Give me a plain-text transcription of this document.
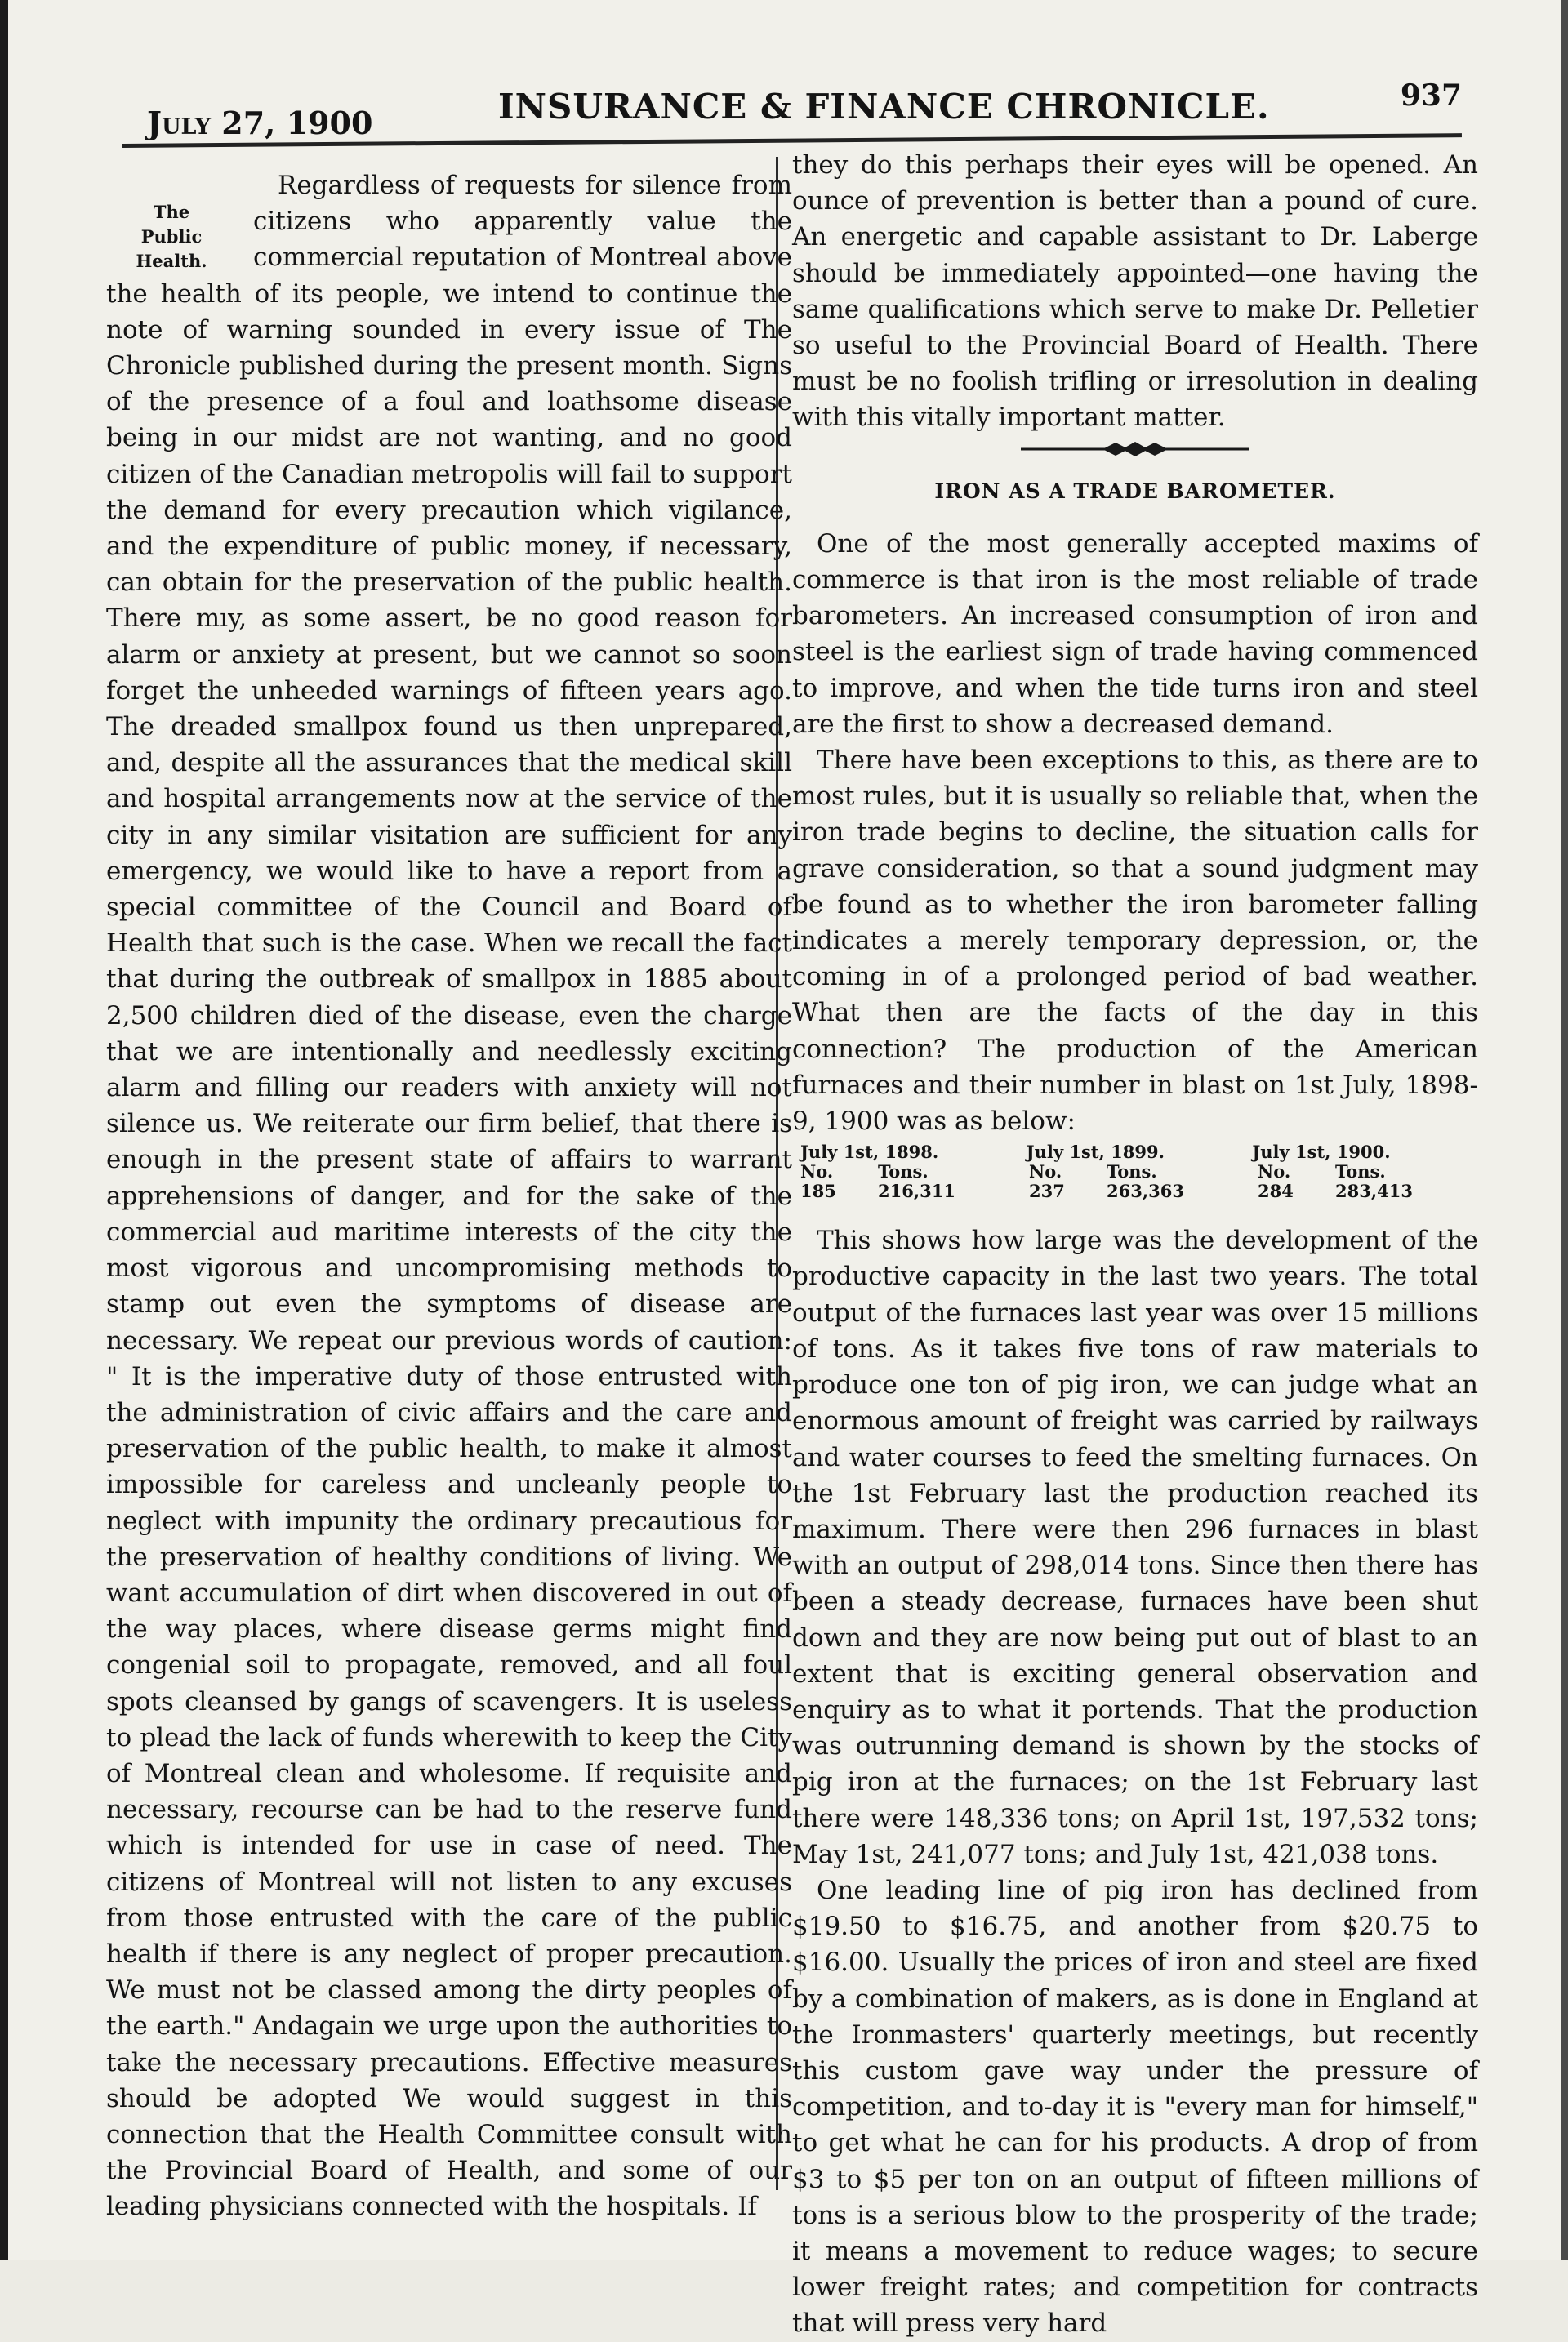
July 27, 1900	INSURANCE & FINANCE CHRONICLE.	937
The
Public
Health.

Regardless of requests for silence from citizens who apparently value the commercial reputation of Montreal above the health of its people, we intend to continue the note of warning sounded in every issue of The Chronicle published during the present month. Signs of the presence of a foul and loathsome disease being in our midst are not wanting, and no good citizen of the Canadian metropolis will fail to support the demand for every precaution which vigilance, and the expenditure of public money, if necessary, can obtain for the preservation of the public health. There mıy, as some assert, be no good reason for alarm or anxiety at present, but we cannot so soon forget the unheeded warnings of fifteen years ago. The dreaded smallpox found us then unprepared, and, despite all the assurances that the medical skill and hospital arrangements now at the service of the city in any similar visitation are sufficient for any emergency, we would like to have a report from a special committee of the Council and Board of Health that such is the case. When we recall the fact that during the outbreak of smallpox in 1885 about 2,500 children died of the disease, even the charge that we are intentionally and needlessly exciting alarm and filling our readers with anxiety will not silence us. We reiterate our firm belief, that there is enough in the present state of affairs to warrant apprehensions of danger, and for the sake of the commercial aud maritime interests of the city the most vigorous and uncompromising methods to stamp out even the symptoms of disease are necessary. We repeat our previous words of caution: " It is the imperative duty of those entrusted with the administration of civic affairs and the care and preservation of the public health, to make it almost impossible for careless and uncleanly people to neglect with impunity the ordinary precautious for the preservation of healthy conditions of living. We want accumulation of dirt when discovered in out of the way places, where disease germs might find congenial soil to propagate, removed, and all foul spots cleansed by gangs of scavengers. It is useless to plead the lack of funds wherewith to keep the City of Montreal clean and wholesome. If requisite and necessary, recourse can be had to the reserve fund which is intended for use in case of need. The citizens of Montreal will not listen to any excuses from those entrusted with the care of the public health if there is any neglect of proper precaution. We must not be classed among the dirty peoples of the earth." Andagain we urge upon the authorities to take the necessary precautions. Effective measures should be adopted We would suggest in this connection that the Health Committee consult with the Provincial Board of Health, and some of our leading physicians connected with the hospitals. If

they do this perhaps their eyes will be opened. An ounce of prevention is better than a pound of cure. An energetic and capable assistant to Dr. Laberge should be immediately appointed—one having the same qualifications which serve to make Dr. Pelletier so useful to the Provincial Board of Health. There must be no foolish trifling or irresolution in dealing with this vitally important matter.

IRON AS A TRADE BAROMETER.

One of the most generally accepted maxims of commerce is that iron is the most reliable of trade barometers. An increased consumption of iron and steel is the earliest sign of trade having commenced to improve, and when the tide turns iron and steel are the first to show a decreased demand.

There have been exceptions to this, as there are to most rules, but it is usually so reliable that, when the iron trade begins to decline, the situation calls for grave consideration, so that a sound judgment may be found as to whether the iron barometer falling indicates a merely temporary depression, or, the coming in of a prolonged period of bad weather. What then are the facts of the day in this connection? The production of the American furnaces and their number in blast on 1st July, 1898-9, 1900 was as below:

July 1st, 1898.	July 1st, 1899.	July 1st, 1900.
No.	Tons.	No.	Tons.	No.	Tons.
185	216,311	237	263,363	284	283,413

This shows how large was the development of the productive capacity in the last two years. The total output of the furnaces last year was over 15 millions of tons. As it takes five tons of raw materials to produce one ton of pig iron, we can judge what an enormous amount of freight was carried by railways and water courses to feed the smelting furnaces. On the 1st February last the production reached its maximum. There were then 296 furnaces in blast with an output of 298,014 tons. Since then there has been a steady decrease, furnaces have been shut down and they are now being put out of blast to an extent that is exciting general observation and enquiry as to what it portends. That the production was outrunning demand is shown by the stocks of pig iron at the furnaces; on the 1st February last there were 148,336 tons; on April 1st, 197,532 tons; May 1st, 241,077 tons; and July 1st, 421,038 tons.

One leading line of pig iron has declined from $19.50 to $16.75, and another from $20.75 to $16.00. Usually the prices of iron and steel are fixed by a combination of makers, as is done in England at the Ironmasters' quarterly meetings, but recently this custom gave way under the pressure of competition, and to-day it is "every man for himself," to get what he can for his products. A drop of from $3 to $5 per ton on an output of fifteen millions of tons is a serious blow to the prosperity of the trade; it means a movement to reduce wages; to secure lower freight rates; and competition for contracts that will press very hard
